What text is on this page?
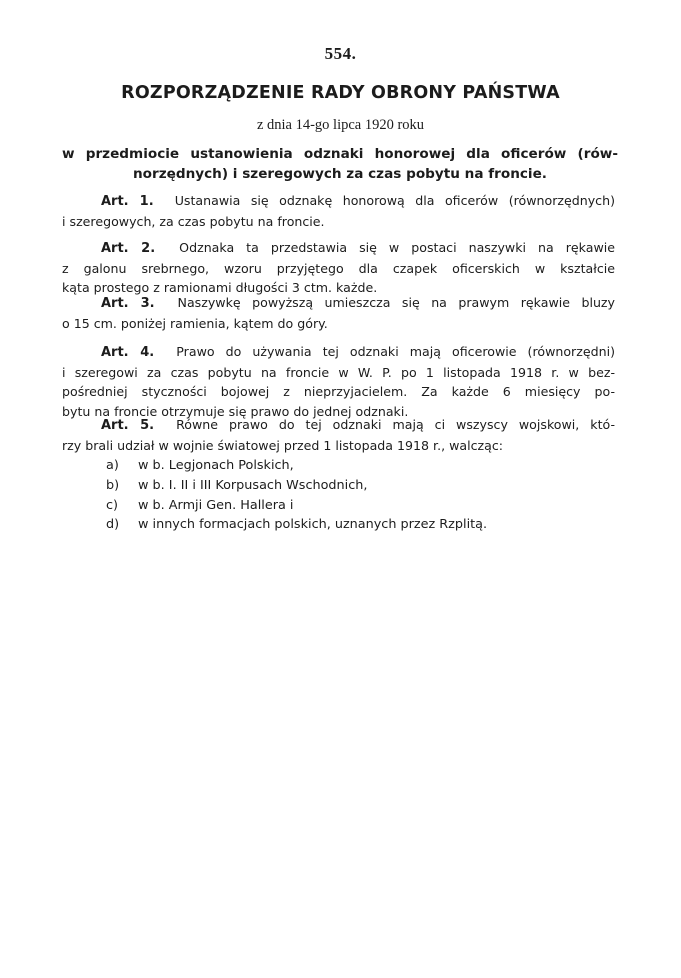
554.
ROZPORZĄDZENIE RADY OBRONY PAŃSTWA
z dnia 14-go lipca 1920 roku
w przedmiocie ustanowienia odznaki honorowej dla oficerów (rów-
norzędnych) i szeregowych za czas pobytu na froncie.
Art. 1. Ustanawia się odznakę honorową dla oficerów (równorzędnych)
i szeregowych, za czas pobytu na froncie.
Art. 2. Odznaka ta przedstawia się w postaci naszywki na rękawie
z galonu srebrnego, wzoru przyjętego dla czapek oficerskich w kształcie
kąta prostego z ramionami długości 3 ctm. każde.
Art. 3. Naszywkę powyższą umieszcza się na prawym rękawie bluzy
o 15 cm. poniżej ramienia, kątem do góry.
Art. 4. Prawo do używania tej odznaki mają oficerowie (równorzędni)
i szeregowi za czas pobytu na froncie w W. P. po 1 listopada 1918 r. w bez-
pośredniej styczności bojowej z nieprzyjacielem. Za każde 6 miesięcy po-
bytu na froncie otrzymuje się prawo do jednej odznaki.
Art. 5. Równe prawo do tej odznaki mają ci wszyscy wojskowi, któ-
rzy brali udział w wojnie światowej przed 1 listopada 1918 r., walcząc:
a)	w b. Legjonach Polskich,
b)	w b. I. II i III Korpusach Wschodnich,
c)	w b. Armji Gen. Hallera i
d)	w innych formacjach polskich, uznanych przez Rzplitą.
